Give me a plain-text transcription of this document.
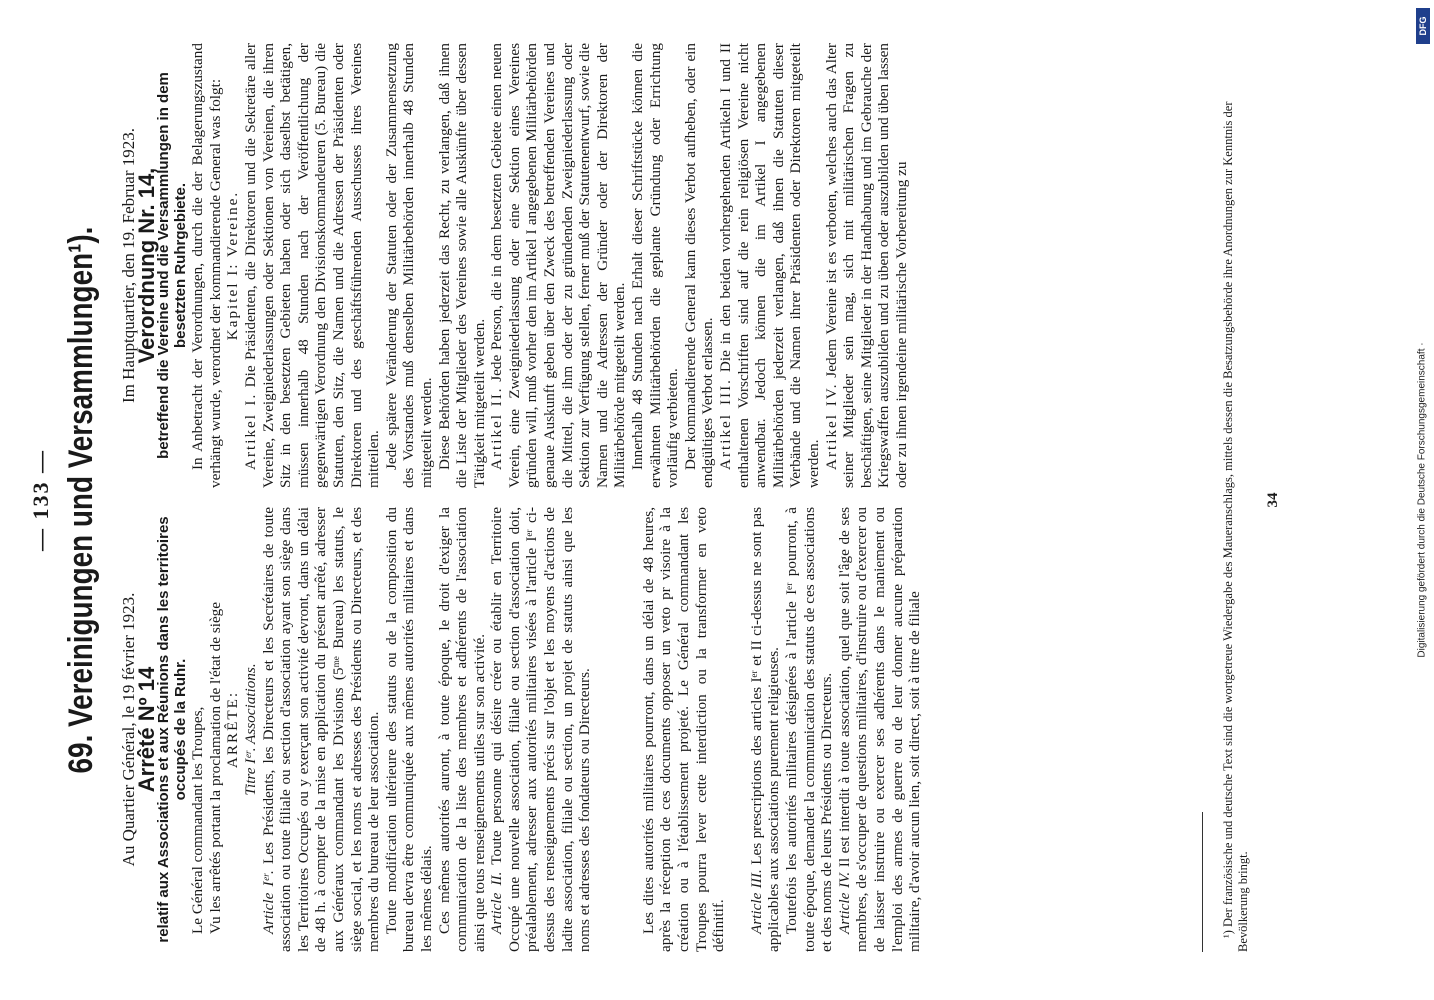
— 133 — 69. Vereinigungen und Versammlungen¹). Au Quartier Général, le 19 février 1923.

Arrêté Nº 14

relatif aux Associations et aux Réunions dans les territoires occupés de la Ruhr. Le Général commandant les Troupes, Vu les arrêtés portant la proclamation de l'état de siège ARRÊTE: Titre Iᵉʳ. Associations.

Article Iᵉʳ. Les Présidents, les Directeurs et les Secrétaires de toute association ou toute filiale ou section d'association ayant son siège dans les Territoires Occupés ou y exerçant son activité devront, dans un délai de 48 h. à compter de la mise en application du présent arrêté, adresser aux Généraux commandant les Divisions (5ᵐᵉ Bureau) les statuts, le siège social, et les noms et adresses des Présidents ou Directeurs, et des membres du bureau de leur association. Toute modification ultérieure des statuts ou de la composition du bureau devra être communiquée aux mêmes autorités militaires et dans les mêmes délais. Ces mêmes autorités auront, à toute époque, le droit d'exiger la communication de la liste des membres et adhérents de l'association ainsi que tous renseignements utiles sur son activité. Article II. Toute personne qui désire créer ou établir en Territoire Occupé une nouvelle association, filiale ou section d'association doit, préalablement, adresser aux autorités militaires visées à l'article Iᵉʳ ci-dessus des renseignements précis sur l'objet et les moyens d'actions de ladite association, filiale ou section, un projet de statuts ainsi que les noms et adresses des fondateurs ou Directeurs.	Les dites autorités militaires pourront, dans un délai de 48 heures, après la réception de ces documents opposer un veto pr visoire à la création ou à l'établissement projeté. Le Général commandant les Troupes pourra lever cette interdiction ou la transformer en veto définitif. Article III. Les prescriptions des articles Iᵉʳ et II ci-dessus ne sont pas applicables aux associations purement religieuses. Toutefois les autorités militaires désignées à l'article Iᵉʳ pourront, à toute époque, demander la communication des statuts de ces associations et des noms de leurs Présidents ou Directeurs. Article IV. Il est interdit à toute association, quel que soit l'âge de ses membres, de s'occuper de questions militaires, d'instruire ou d'exercer ou de laisser instruire ou exercer ses adhérents dans le maniement ou l'emploi des armes de guerre ou de leur donner aucune préparation militaire, d'avoir aucun lien, soit direct, soit à titre de filiale

Im Hauptquartier, den 19. Februar 1923.

Verordnung Nr. 14,

betreffend die Vereine und die Versammlungen in dem besetzten Ruhrgebiete. In Anbetracht der Verordnungen, durch die der Belagerungszustand verhängt wurde, verordnet der kommandierende General was folgt: Kapitel I: Vereine.

Artikel I. Die Präsidenten, die Direktoren und die Sekretäre aller Vereine, Zweigniederlassungen oder Sektionen von Vereinen, die ihren Sitz in den besetzten Gebieten haben oder sich daselbst betätigen, müssen innerhalb 48 Stunden nach der Veröffentlichung der gegenwärtigen Verordnung den Divisionskommandeuren (5. Bureau) die Statuten, den Sitz, die Namen und die Adressen der Präsidenten oder Direktoren und des geschäftsführenden Ausschusses ihres Vereines mitteilen. Jede spätere Veränderung der Statuten oder der Zusammensetzung des Vorstandes muß denselben Militärbehörden innerhalb 48 Stunden mitgeteilt werden. Diese Behörden haben jederzeit das Recht, zu verlangen, daß ihnen die Liste der Mitglieder des Vereines sowie alle Auskünfte über dessen Tätigkeit mitgeteilt werden. Artikel II. Jede Person, die in dem besetzten Gebiete einen neuen Verein, eine Zweigniederlassung oder eine Sektion eines Vereines gründen will, muß vorher den im Artikel I angegebenen Militärbehörden genaue Auskunft geben über den Zweck des betreffenden Vereines und die Mittel, die ihm oder der zu gründenden Zweigniederlassung oder Sektion zur Verfügung stellen, ferner muß der Statutenentwurf, sowie die Namen und die Adressen der Gründer oder der Direktoren der Militärbehörde mitgeteilt werden. Innerhalb 48 Stunden nach Erhalt dieser Schriftstücke können die erwähnten Militärbehörden die geplante Gründung oder Errichtung vorläufig verbieten. Der kommandierende General kann dieses Verbot aufheben, oder ein endgültiges Verbot erlassen. Artikel III. Die in den beiden vorhergehenden Artikeln I und II enthaltenen Vorschriften sind auf die rein religiösen Vereine nicht anwendbar. Jedoch können die im Artikel I angegebenen Militärbehörden jederzeit verlangen, daß ihnen die Statuten dieser Verbände und die Namen ihrer Präsidenten oder Direktoren mitgeteilt werden. Artikel IV. Jedem Vereine ist es verboten, welches auch das Alter seiner Mitglieder sein mag, sich mit militärischen Fragen zu beschäftigen, seine Mitglieder in der Handhabung und im Gebrauche der Kriegswaffen auszubilden und zu üben oder auszubilden und üben lassen oder zu ihnen irgendeine militärische Vorbereitung zu	¹) Der französische und deutsche Text sind die wortgetreue Wiedergabe des Maueranschlags, mittels dessen die Besatzungsbehörde ihre Anordnungen zur Kenntnis der Bevölkerung bringt.

34	Digitalisierung gefördert durch die Deutsche Forschungsgemeinschaft ·
DFG
